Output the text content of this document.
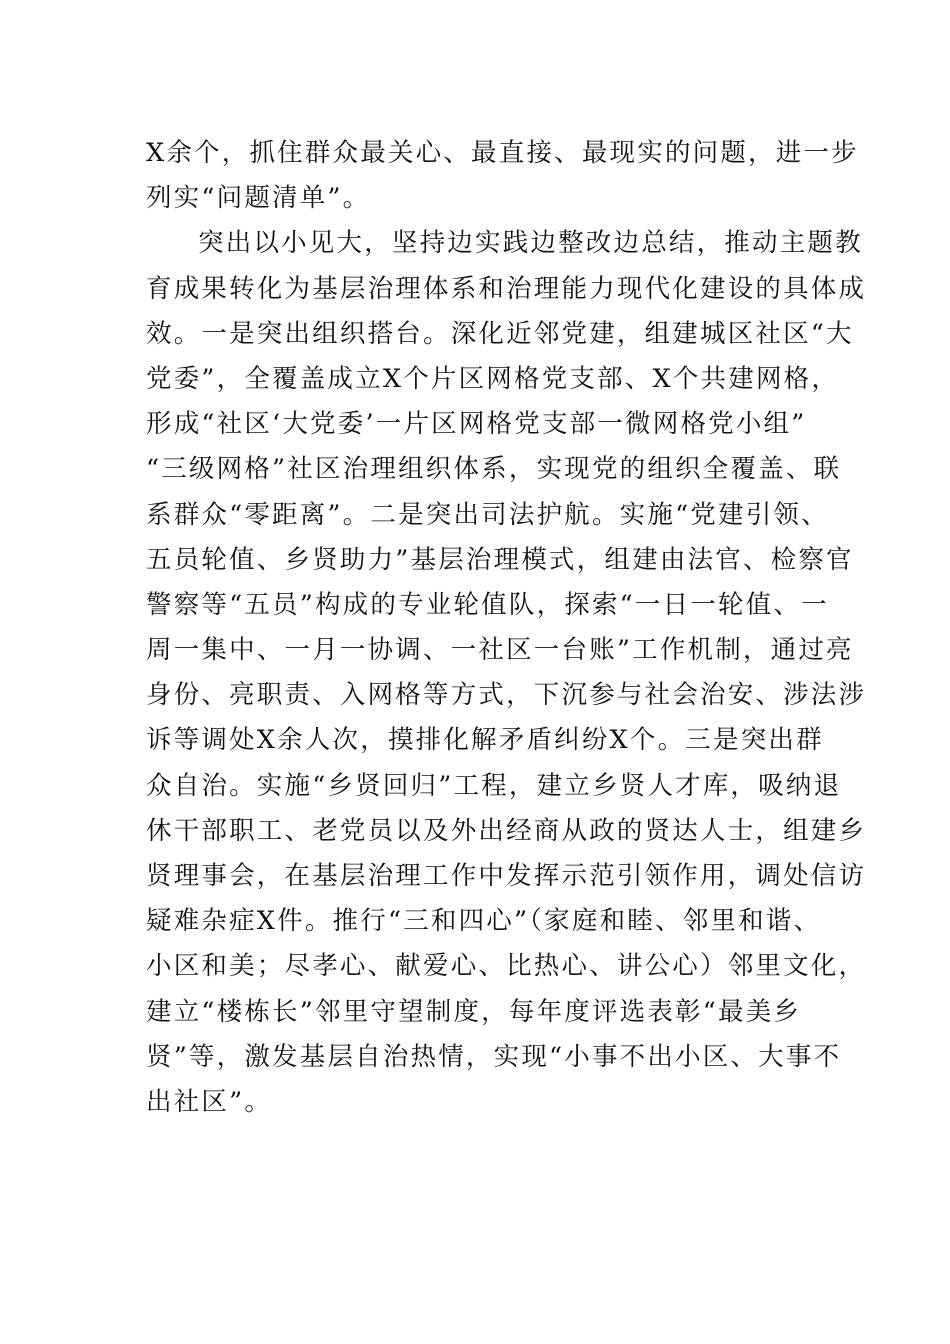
X余个，抓住群众最关心、最直接、最现实的问题，进一步
列实“问题清单”。
突出以小见大，坚持边实践边整改边总结，推动主题教
育成果转化为基层治理体系和治理能力现代化建设的具体成
效。一是突出组织搭台。深化近邻党建，组建城区社区“大
党委”，全覆盖成立X个片区网格党支部、X个共建网格，
形成“社区‘大党委’一片区网格党支部一微网格党小组”
“三级网格”社区治理组织体系，实现党的组织全覆盖、联
系群众“零距离”。二是突出司法护航。实施“党建引领、
五员轮值、乡贤助力”基层治理模式，组建由法官、检察官
警察等“五员”构成的专业轮值队，探索“一日一轮值、一
周一集中、一月一协调、一社区一台账”工作机制，通过亮
身份、亮职责、入网格等方式，下沉参与社会治安、涉法涉
诉等调处X余人次，摸排化解矛盾纠纷X个。三是突出群
众自治。实施“乡贤回归”工程，建立乡贤人才库，吸纳退
休干部职工、老党员以及外出经商从政的贤达人士，组建乡
贤理事会，在基层治理工作中发挥示范引领作用，调处信访
疑难杂症X件。推行“三和四心”（家庭和睦、邻里和谐、
小区和美；尽孝心、献爱心、比热心、讲公心）邻里文化，
建立“楼栋长”邻里守望制度，每年度评选表彰“最美乡
贤”等，激发基层自治热情，实现“小事不出小区、大事不
出社区”。
